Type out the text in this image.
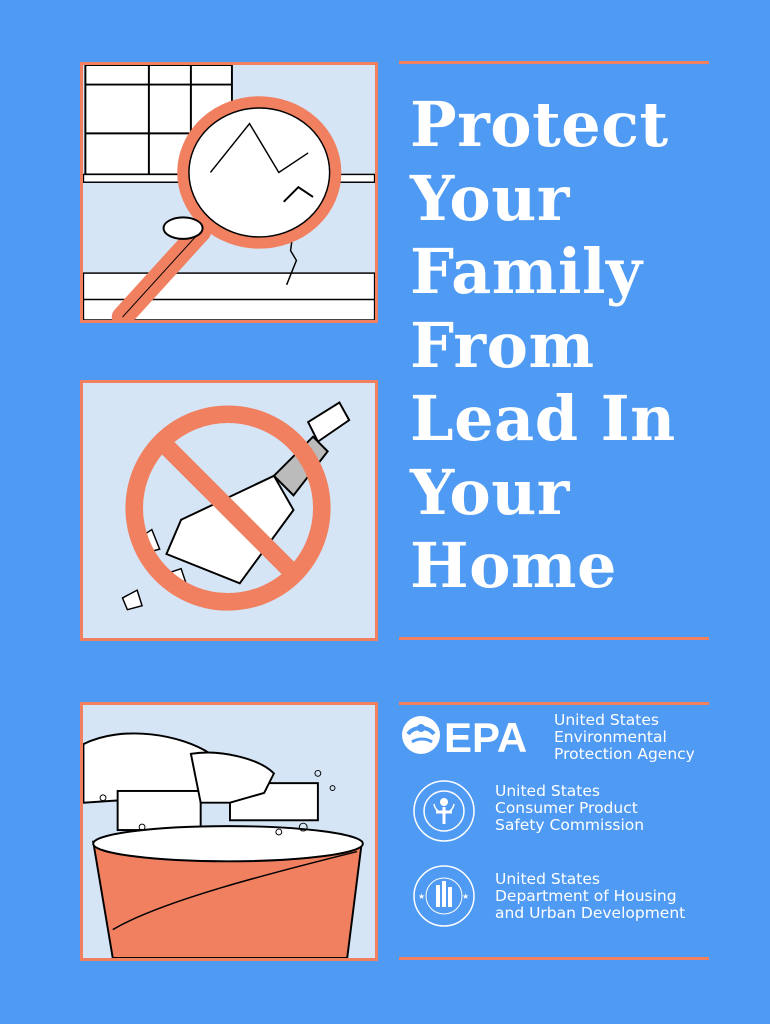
Protect
Your
Family
From
Lead In
Your
Home
EPA United States
Environmental
Protection Agency
United States
Consumer Product
Safety Commission
★	★
United States
Department of Housing
and Urban Development
